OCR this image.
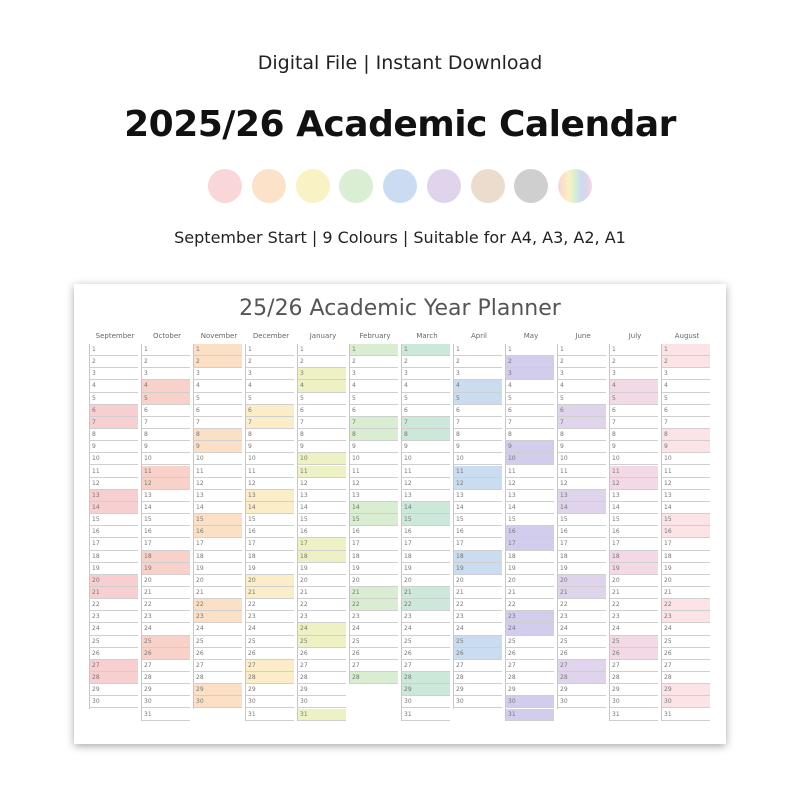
Digital File | Instant Download
2025/26 Academic Calendar
September Start | 9 Colours | Suitable for A4, A3, A2, A1
25/26 Academic Year Planner
September
1
2
3
4
5
6
7
8
9
10
11
12
13
14
15
16
17
18
19
20
21
22
23
24
25
26
27
28
29
30
October
1
2
3
4
5
6
7
8
9
10
11
12
13
14
15
16
17
18
19
20
21
22
23
24
25
26
27
28
29
30
31
November
1
2
3
4
5
6
7
8
9
10
11
12
13
14
15
16
17
18
19
20
21
22
23
24
25
26
27
28
29
30
December
1
2
3
4
5
6
7
8
9
10
11
12
13
14
15
16
17
18
19
20
21
22
23
24
25
26
27
28
29
30
31
January
1
2
3
4
5
6
7
8
9
10
11
12
13
14
15
16
17
18
19
20
21
22
23
24
25
26
27
28
29
30
31
February
1
2
3
4
5
6
7
8
9
10
11
12
13
14
15
16
17
18
19
20
21
22
23
24
25
26
27
28
March
1
2
3
4
5
6
7
8
9
10
11
12
13
14
15
16
17
18
19
20
21
22
23
24
25
26
27
28
29
30
31
April
1
2
3
4
5
6
7
8
9
10
11
12
13
14
15
16
17
18
19
20
21
22
23
24
25
26
27
28
29
30
May
1
2
3
4
5
6
7
8
9
10
11
12
13
14
15
16
17
18
19
20
21
22
23
24
25
26
27
28
29
30
31
June
1
2
3
4
5
6
7
8
9
10
11
12
13
14
15
16
17
18
19
20
21
22
23
24
25
26
27
28
29
30
July
1
2
3
4
5
6
7
8
9
10
11
12
13
14
15
16
17
18
19
20
21
22
23
24
25
26
27
28
29
30
31
August
1
2
3
4
5
6
7
8
9
10
11
12
13
14
15
16
17
18
19
20
21
22
23
24
25
26
27
28
29
30
31
